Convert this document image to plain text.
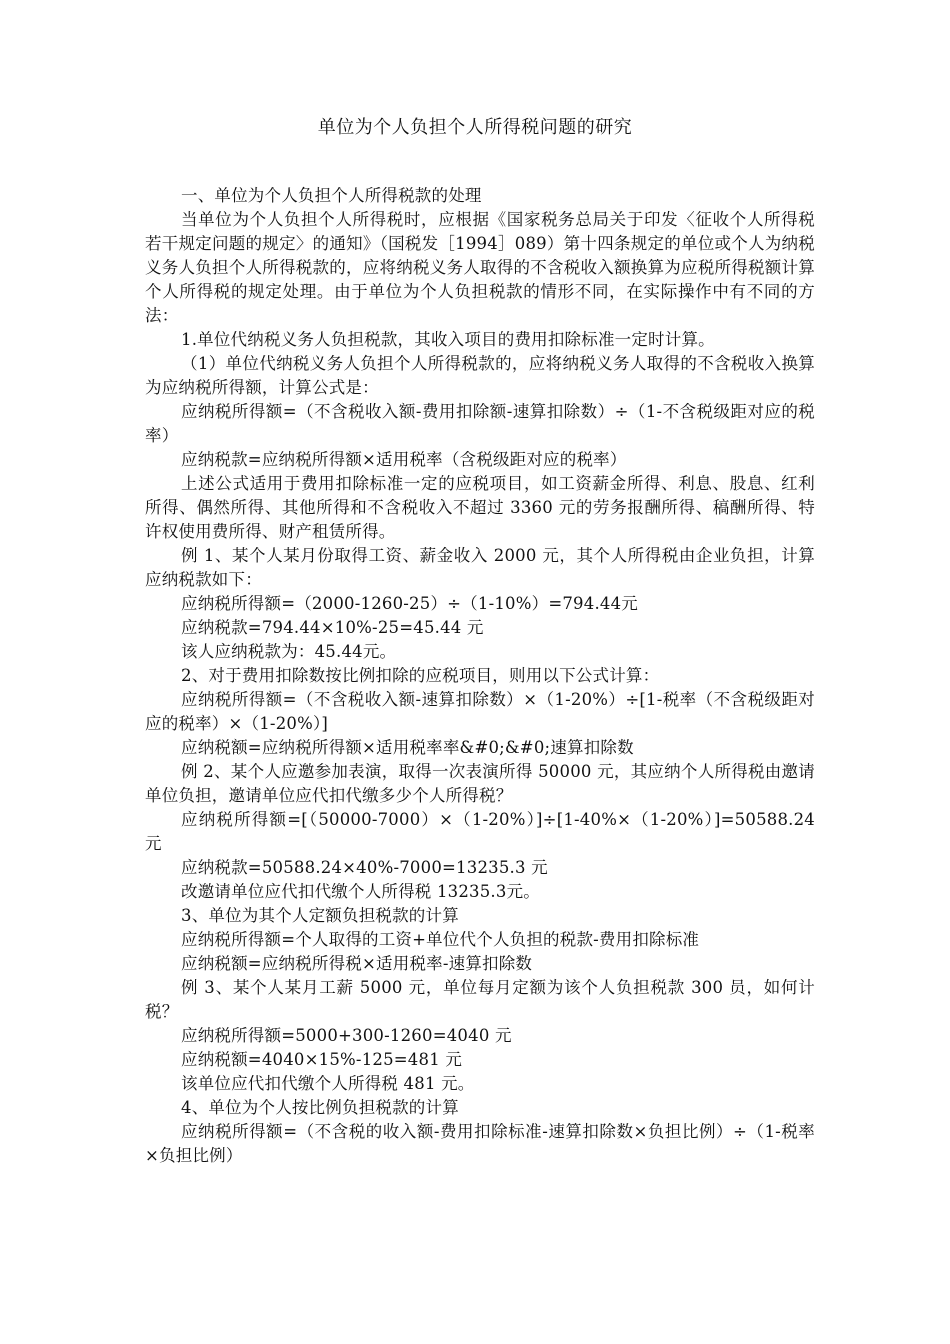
单位为个人负担个人所得税问题的研究

一、单位为个人负担个人所得税款的处理

当单位为个人负担个人所得税时，应根据《国家税务总局关于印发〈征收个人所得税若干规定问题的规定〉的通知》（国税发［1994］089）第十四条规定的单位或个人为纳税义务人负担个人所得税款的，应将纳税义务人取得的不含税收入额换算为应税所得税额计算个人所得税的规定处理。由于单位为个人负担税款的情形不同，在实际操作中有不同的方法：

1.单位代纳税义务人负担税款，其收入项目的费用扣除标准一定时计算。

（1）单位代纳税义务人负担个人所得税款的，应将纳税义务人取得的不含税收入换算为应纳税所得额，计算公式是：

应纳税所得额=（不含税收入额-费用扣除额-速算扣除数）÷（1-不含税级距对应的税率）

应纳税款=应纳税所得额×适用税率（含税级距对应的税率）

上述公式适用于费用扣除标准一定的应税项目，如工资薪金所得、利息、股息、红利所得、偶然所得、其他所得和不含税收入不超过 3360 元的劳务报酬所得、稿酬所得、特许权使用费所得、财产租赁所得。

例 1、某个人某月份取得工资、薪金收入 2000 元，其个人所得税由企业负担，计算应纳税款如下：

应纳税所得额=（2000-1260-25）÷（1-10%）=794.44元

应纳税款=794.44×10%-25=45.44 元

该人应纳税款为：45.44元。

2、对于费用扣除数按比例扣除的应税项目，则用以下公式计算：

应纳税所得额=（不含税收入额-速算扣除数）×（1-20%）÷[1-税率（不含税级距对应的税率）×（1-20%）]

应纳税额=应纳税所得额×适用税率率&#0;&#0;速算扣除数

例 2、某个人应邀参加表演，取得一次表演所得 50000 元，其应纳个人所得税由邀请单位负担，邀请单位应代扣代缴多少个人所得税？

应纳税所得额=[（50000-7000）×（1-20%）]÷[1-40%×（1-20%）]=50588.24 元

应纳税款=50588.24×40%-7000=13235.3 元

改邀请单位应代扣代缴个人所得税 13235.3元。

3、单位为其个人定额负担税款的计算

应纳税所得额=个人取得的工资+单位代个人负担的税款-费用扣除标准

应纳税额=应纳税所得税×适用税率-速算扣除数

例 3、某个人某月工薪 5000 元，单位每月定额为该个人负担税款 300 员，如何计税？

应纳税所得额=5000+300-1260=4040 元

应纳税额=4040×15%-125=481 元

该单位应代扣代缴个人所得税 481 元。

4、单位为个人按比例负担税款的计算

应纳税所得额=（不含税的收入额-费用扣除标准-速算扣除数×负担比例）÷（1-税率×负担比例）
